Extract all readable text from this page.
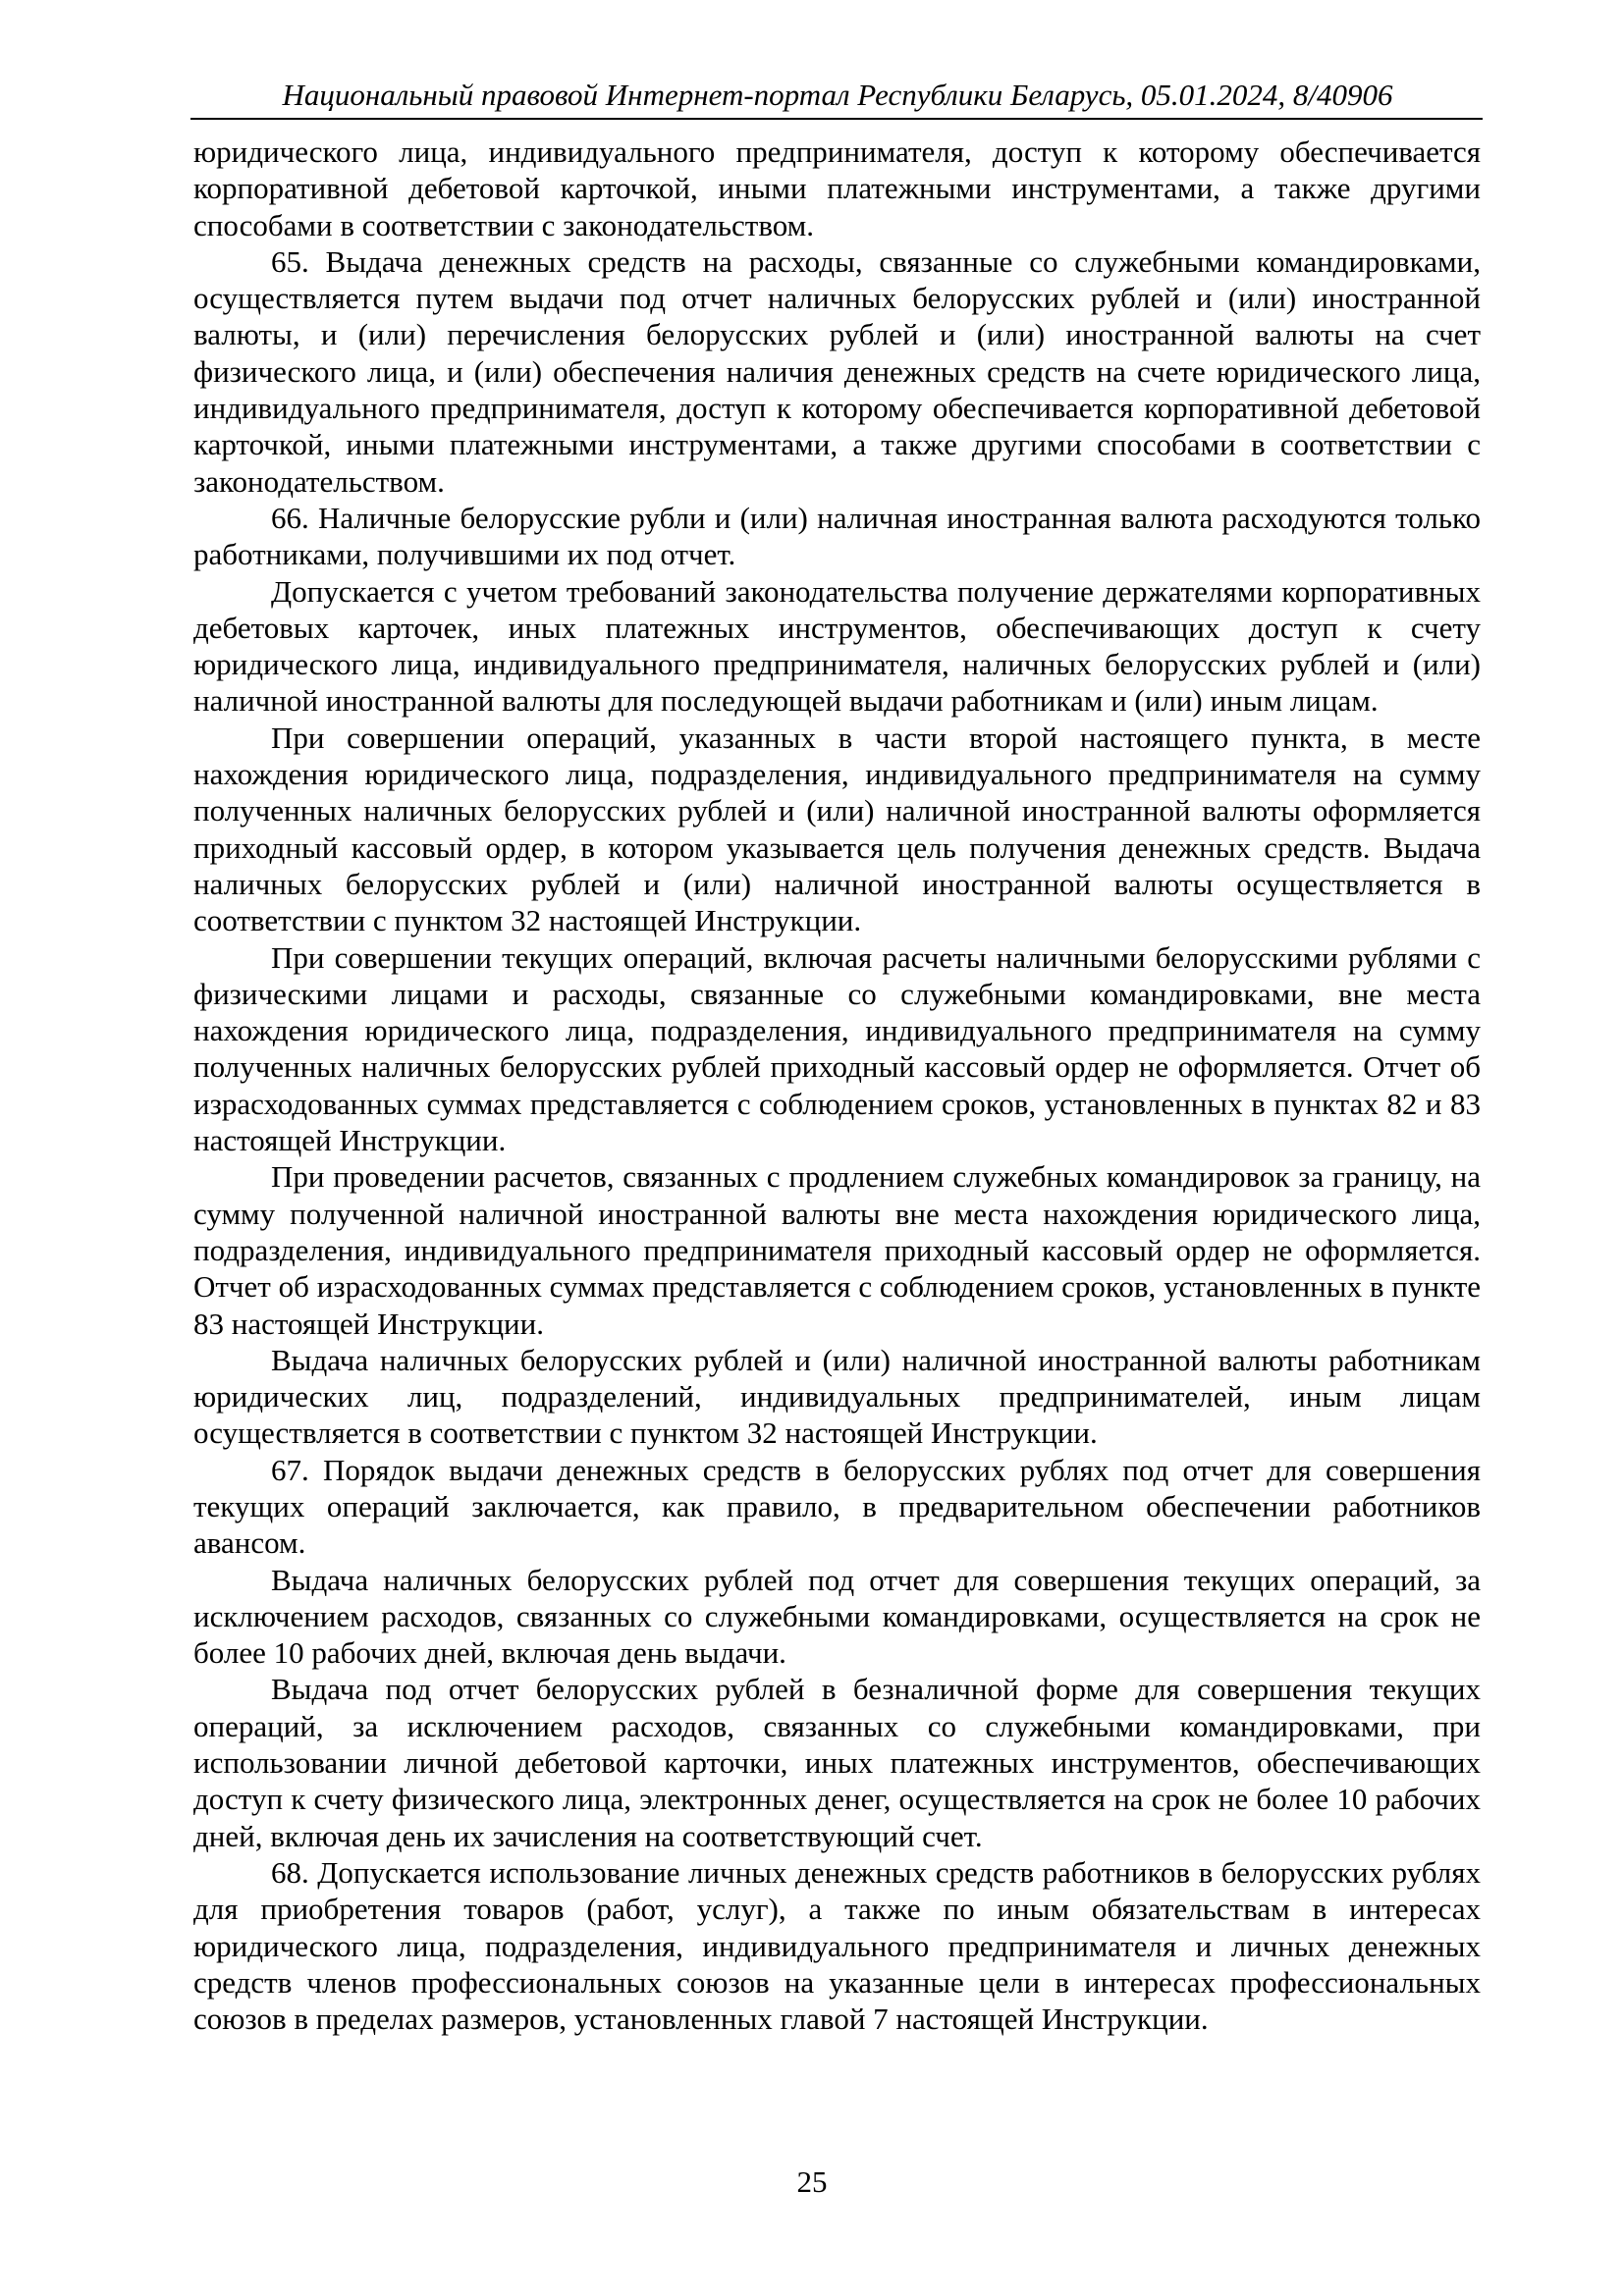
Национальный правовой Интернет-портал Республики Беларусь, 05.01.2024, 8/40906

юридического лица, индивидуального предпринимателя, доступ к которому обеспечивается корпоративной дебетовой карточкой, иными платежными инструментами, а также другими способами в соответствии с законодательством.

65. Выдача денежных средств на расходы, связанные со служебными командировками, осуществляется путем выдачи под отчет наличных белорусских рублей и (или) иностранной валюты, и (или) перечисления белорусских рублей и (или) иностранной валюты на счет физического лица, и (или) обеспечения наличия денежных средств на счете юридического лица, индивидуального предпринимателя, доступ к которому обеспечивается корпоративной дебетовой карточкой, иными платежными инструментами, а также другими способами в соответствии с законодательством.

66. Наличные белорусские рубли и (или) наличная иностранная валюта расходуются только работниками, получившими их под отчет.

Допускается с учетом требований законодательства получение держателями корпоративных дебетовых карточек, иных платежных инструментов, обеспечивающих доступ к счету юридического лица, индивидуального предпринимателя, наличных белорусских рублей и (или) наличной иностранной валюты для последующей выдачи работникам и (или) иным лицам.

При совершении операций, указанных в части второй настоящего пункта, в месте нахождения юридического лица, подразделения, индивидуального предпринимателя на сумму полученных наличных белорусских рублей и (или) наличной иностранной валюты оформляется приходный кассовый ордер, в котором указывается цель получения денежных средств. Выдача наличных белорусских рублей и (или) наличной иностранной валюты осуществляется в соответствии с пунктом 32 настоящей Инструкции.

При совершении текущих операций, включая расчеты наличными белорусскими рублями с физическими лицами и расходы, связанные со служебными командировками, вне места нахождения юридического лица, подразделения, индивидуального предпринимателя на сумму полученных наличных белорусских рублей приходный кассовый ордер не оформляется. Отчет об израсходованных суммах представляется с соблюдением сроков, установленных в пунктах 82 и 83 настоящей Инструкции.

При проведении расчетов, связанных с продлением служебных командировок за границу, на сумму полученной наличной иностранной валюты вне места нахождения юридического лица, подразделения, индивидуального предпринимателя приходный кассовый ордер не оформляется. Отчет об израсходованных суммах представляется с соблюдением сроков, установленных в пункте 83 настоящей Инструкции.

Выдача наличных белорусских рублей и (или) наличной иностранной валюты работникам юридических лиц, подразделений, индивидуальных предпринимателей, иным лицам осуществляется в соответствии с пунктом 32 настоящей Инструкции.

67. Порядок выдачи денежных средств в белорусских рублях под отчет для совершения текущих операций заключается, как правило, в предварительном обеспечении работников авансом.

Выдача наличных белорусских рублей под отчет для совершения текущих операций, за исключением расходов, связанных со служебными командировками, осуществляется на срок не более 10 рабочих дней, включая день выдачи.

Выдача под отчет белорусских рублей в безналичной форме для совершения текущих операций, за исключением расходов, связанных со служебными командировками, при использовании личной дебетовой карточки, иных платежных инструментов, обеспечивающих доступ к счету физического лица, электронных денег, осуществляется на срок не более 10 рабочих дней, включая день их зачисления на соответствующий счет.

68. Допускается использование личных денежных средств работников в белорусских рублях для приобретения товаров (работ, услуг), а также по иным обязательствам в интересах юридического лица, подразделения, индивидуального предпринимателя и личных денежных средств членов профессиональных союзов на указанные цели в интересах профессиональных союзов в пределах размеров, установленных главой 7 настоящей Инструкции.

25
